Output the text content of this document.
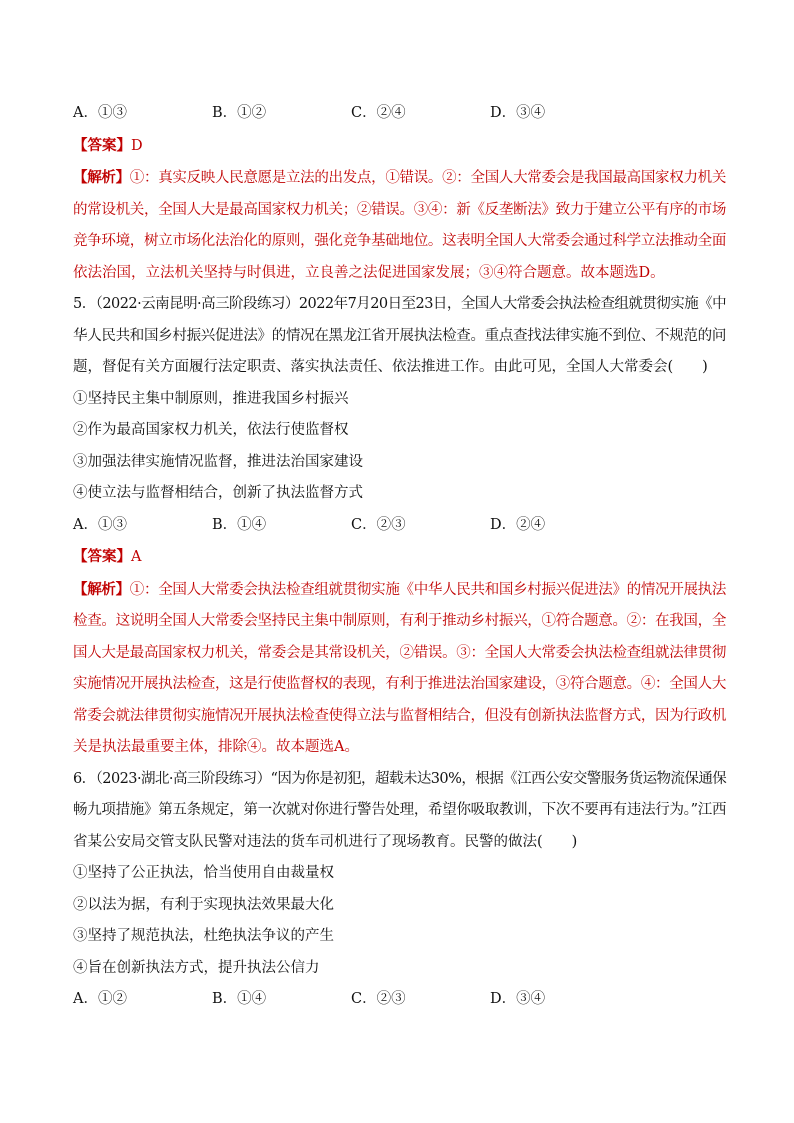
A．①③	B．①②	C．②④	D．③④
【答案】D
【解析】①：真实反映人民意愿是立法的出发点，①错误。②：全国人大常委会是我国最高国家权力机关
的常设机关，全国人大是最高国家权力机关；②错误。③④：新《反垄断法》致力于建立公平有序的市场
竞争环境，树立市场化法治化的原则，强化竞争基础地位。这表明全国人大常委会通过科学立法推动全面
依法治国，立法机关坚持与时俱进，立良善之法促进国家发展；③④符合题意。故本题选D。
5．（2022·云南昆明·高三阶段练习）2022年7月20日至23日，全国人大常委会执法检查组就贯彻实施《中
华人民共和国乡村振兴促进法》的情况在黑龙江省开展执法检查。重点查找法律实施不到位、不规范的问
题，督促有关方面履行法定职责、落实执法责任、依法推进工作。由此可见，全国人大常委会(　　)
①坚持民主集中制原则，推进我国乡村振兴
②作为最高国家权力机关，依法行使监督权
③加强法律实施情况监督，推进法治国家建设
④使立法与监督相结合，创新了执法监督方式
A．①③	B．①④	C．②③	D．②④
【答案】A
【解析】①：全国人大常委会执法检查组就贯彻实施《中华人民共和国乡村振兴促进法》的情况开展执法
检查。这说明全国人大常委会坚持民主集中制原则，有利于推动乡村振兴，①符合题意。②：在我国，全
国人大是最高国家权力机关，常委会是其常设机关，②错误。③：全国人大常委会执法检查组就法律贯彻
实施情况开展执法检查，这是行使监督权的表现，有利于推进法治国家建设，③符合题意。④：全国人大
常委会就法律贯彻实施情况开展执法检查使得立法与监督相结合，但没有创新执法监督方式，因为行政机
关是执法最重要主体，排除④。故本题选A。
6．（2023·湖北·高三阶段练习）“因为你是初犯，超载未达30%，根据《江西公安交警服务货运物流保通保
畅九项措施》第五条规定，第一次就对你进行警告处理，希望你吸取教训，下次不要再有违法行为。”江西
省某公安局交管支队民警对违法的货车司机进行了现场教育。民警的做法(　　)
①坚持了公正执法，恰当使用自由裁量权
②以法为据，有利于实现执法效果最大化
③坚持了规范执法，杜绝执法争议的产生
④旨在创新执法方式，提升执法公信力
A．①②	B．①④	C．②③	D．③④
